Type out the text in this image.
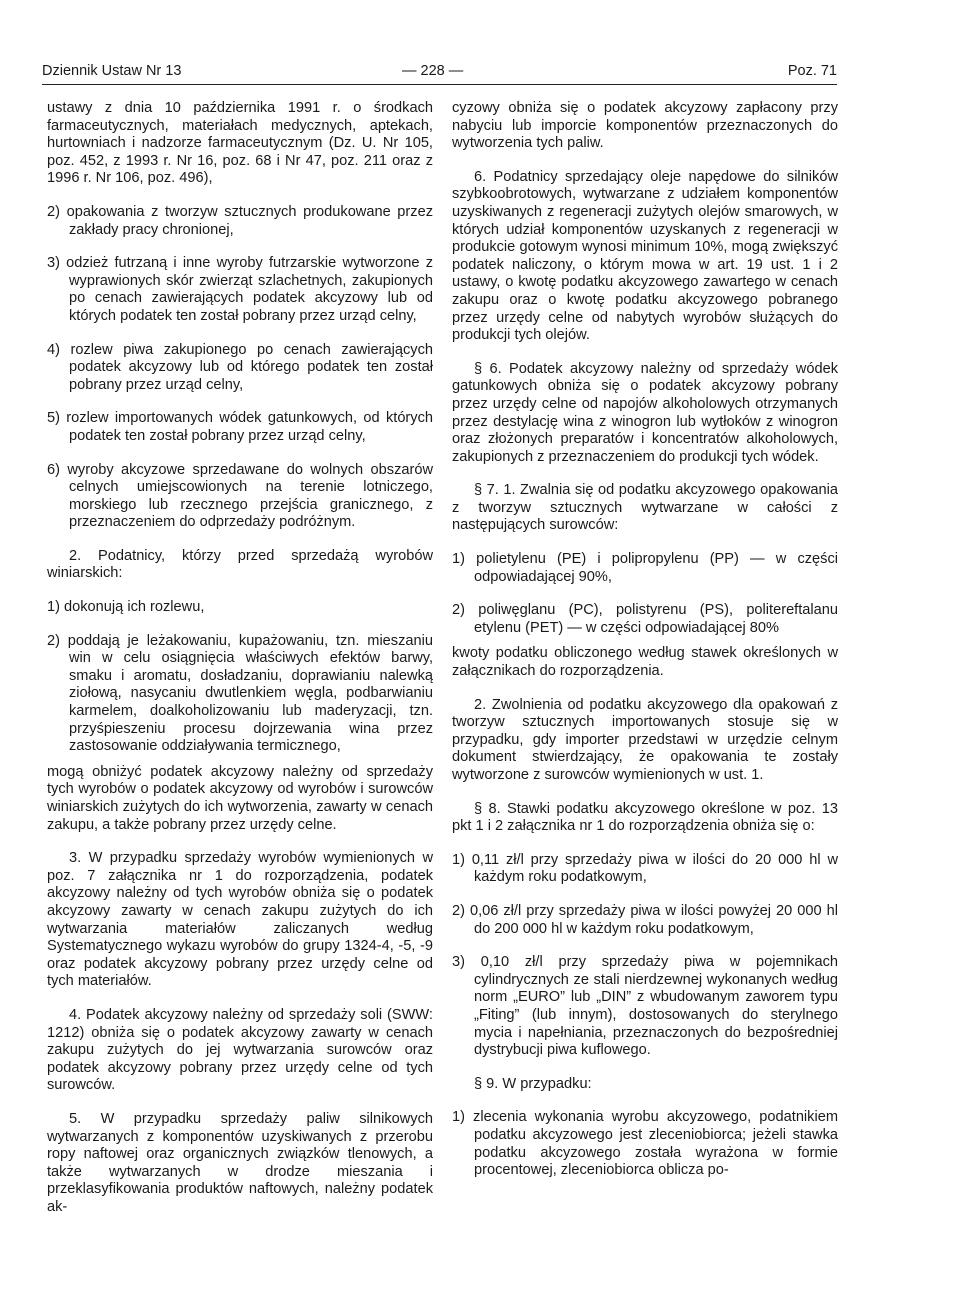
Dziennik Ustaw Nr 13	— 228 —	Poz. 71

ustawy z dnia 10 października 1991 r. o środkach farmaceutycznych, materiałach medycznych, aptekach, hurtowniach i nadzorze farmaceutycznym (Dz. U. Nr 105, poz. 452, z 1993 r. Nr 16, poz. 68 i Nr 47, poz. 211 oraz z 1996 r. Nr 106, poz. 496),

2) opakowania z tworzyw sztucznych produkowane przez zakłady pracy chronionej,

3) odzież futrzaną i inne wyroby futrzarskie wytworzone z wyprawionych skór zwierząt szlachetnych, zakupionych po cenach zawierających podatek akcyzowy lub od których podatek ten został pobrany przez urząd celny,

4) rozlew piwa zakupionego po cenach zawierających podatek akcyzowy lub od którego podatek ten został pobrany przez urząd celny,

5) rozlew importowanych wódek gatunkowych, od których podatek ten został pobrany przez urząd celny,

6) wyroby akcyzowe sprzedawane do wolnych obszarów celnych umiejscowionych na terenie lotniczego, morskiego lub rzecznego przejścia granicznego, z przeznaczeniem do odprzedaży podróżnym.

2. Podatnicy, którzy przed sprzedażą wyrobów winiarskich:

1) dokonują ich rozlewu,

2) poddają je leżakowaniu, kupażowaniu, tzn. mieszaniu win w celu osiągnięcia właściwych efektów barwy, smaku i aromatu, dosładzaniu, doprawianiu nalewką ziołową, nasycaniu dwutlenkiem węgla, podbarwianiu karmelem, doalkoholizowaniu lub maderyzacji, tzn. przyśpieszeniu procesu dojrzewania wina przez zastosowanie oddziaływania termicznego,

mogą obniżyć podatek akcyzowy należny od sprzedaży tych wyrobów o podatek akcyzowy od wyrobów i surowców winiarskich zużytych do ich wytworzenia, zawarty w cenach zakupu, a także pobrany przez urzędy celne.

3. W przypadku sprzedaży wyrobów wymienionych w poz. 7 załącznika nr 1 do rozporządzenia, podatek akcyzowy należny od tych wyrobów obniża się o podatek akcyzowy zawarty w cenach zakupu zużytych do ich wytwarzania materiałów zaliczanych według Systematycznego wykazu wyrobów do grupy 1324-4, -5, -9 oraz podatek akcyzowy pobrany przez urzędy celne od tych materiałów.

4. Podatek akcyzowy należny od sprzedaży soli (SWW: 1212) obniża się o podatek akcyzowy zawarty w cenach zakupu zużytych do jej wytwarzania surowców oraz podatek akcyzowy pobrany przez urzędy celne od tych surowców.

5. W przypadku sprzedaży paliw silnikowych wytwarzanych z komponentów uzyskiwanych z przerobu ropy naftowej oraz organicznych związków tlenowych, a także wytwarzanych w drodze mieszania i przeklasyfikowania produktów naftowych, należny podatek ak-

cyzowy obniża się o podatek akcyzowy zapłacony przy nabyciu lub imporcie komponentów przeznaczonych do wytworzenia tych paliw.

6. Podatnicy sprzedający oleje napędowe do silników szybkoobrotowych, wytwarzane z udziałem komponentów uzyskiwanych z regeneracji zużytych olejów smarowych, w których udział komponentów uzyskanych z regeneracji w produkcie gotowym wynosi minimum 10%, mogą zwiększyć podatek naliczony, o którym mowa w art. 19 ust. 1 i 2 ustawy, o kwotę podatku akcyzowego zawartego w cenach zakupu oraz o kwotę podatku akcyzowego pobranego przez urzędy celne od nabytych wyrobów służących do produkcji tych olejów.

§ 6. Podatek akcyzowy należny od sprzedaży wódek gatunkowych obniża się o podatek akcyzowy pobrany przez urzędy celne od napojów alkoholowych otrzymanych przez destylację wina z winogron lub wytłoków z winogron oraz złożonych preparatów i koncentratów alkoholowych, zakupionych z przeznaczeniem do produkcji tych wódek.

§ 7. 1. Zwalnia się od podatku akcyzowego opakowania z tworzyw sztucznych wytwarzane w całości z następujących surowców:

1) polietylenu (PE) i polipropylenu (PP) — w części odpowiadającej 90%,

2) poliwęglanu (PC), polistyrenu (PS), politereftalanu etylenu (PET) — w części odpowiadającej 80%

kwoty podatku obliczonego według stawek określonych w załącznikach do rozporządzenia.

2. Zwolnienia od podatku akcyzowego dla opakowań z tworzyw sztucznych importowanych stosuje się w przypadku, gdy importer przedstawi w urzędzie celnym dokument stwierdzający, że opakowania te zostały wytworzone z surowców wymienionych w ust. 1.

§ 8. Stawki podatku akcyzowego określone w poz. 13 pkt 1 i 2 załącznika nr 1 do rozporządzenia obniża się o:

1) 0,11 zł/l przy sprzedaży piwa w ilości do 20 000 hl w każdym roku podatkowym,

2) 0,06 zł/l przy sprzedaży piwa w ilości powyżej 20 000 hl do 200 000 hl w każdym roku podatkowym,

3) 0,10 zł/l przy sprzedaży piwa w pojemnikach cylindrycznych ze stali nierdzewnej wykonanych według norm „EURO” lub „DIN” z wbudowanym zaworem typu „Fiting” (lub innym), dostosowanych do sterylnego mycia i napełniania, przeznaczonych do bezpośredniej dystrybucji piwa kuflowego.

§ 9. W przypadku:

1) zlecenia wykonania wyrobu akcyzowego, podatnikiem podatku akcyzowego jest zleceniobiorca; jeżeli stawka podatku akcyzowego została wyrażona w formie procentowej, zleceniobiorca oblicza po-
